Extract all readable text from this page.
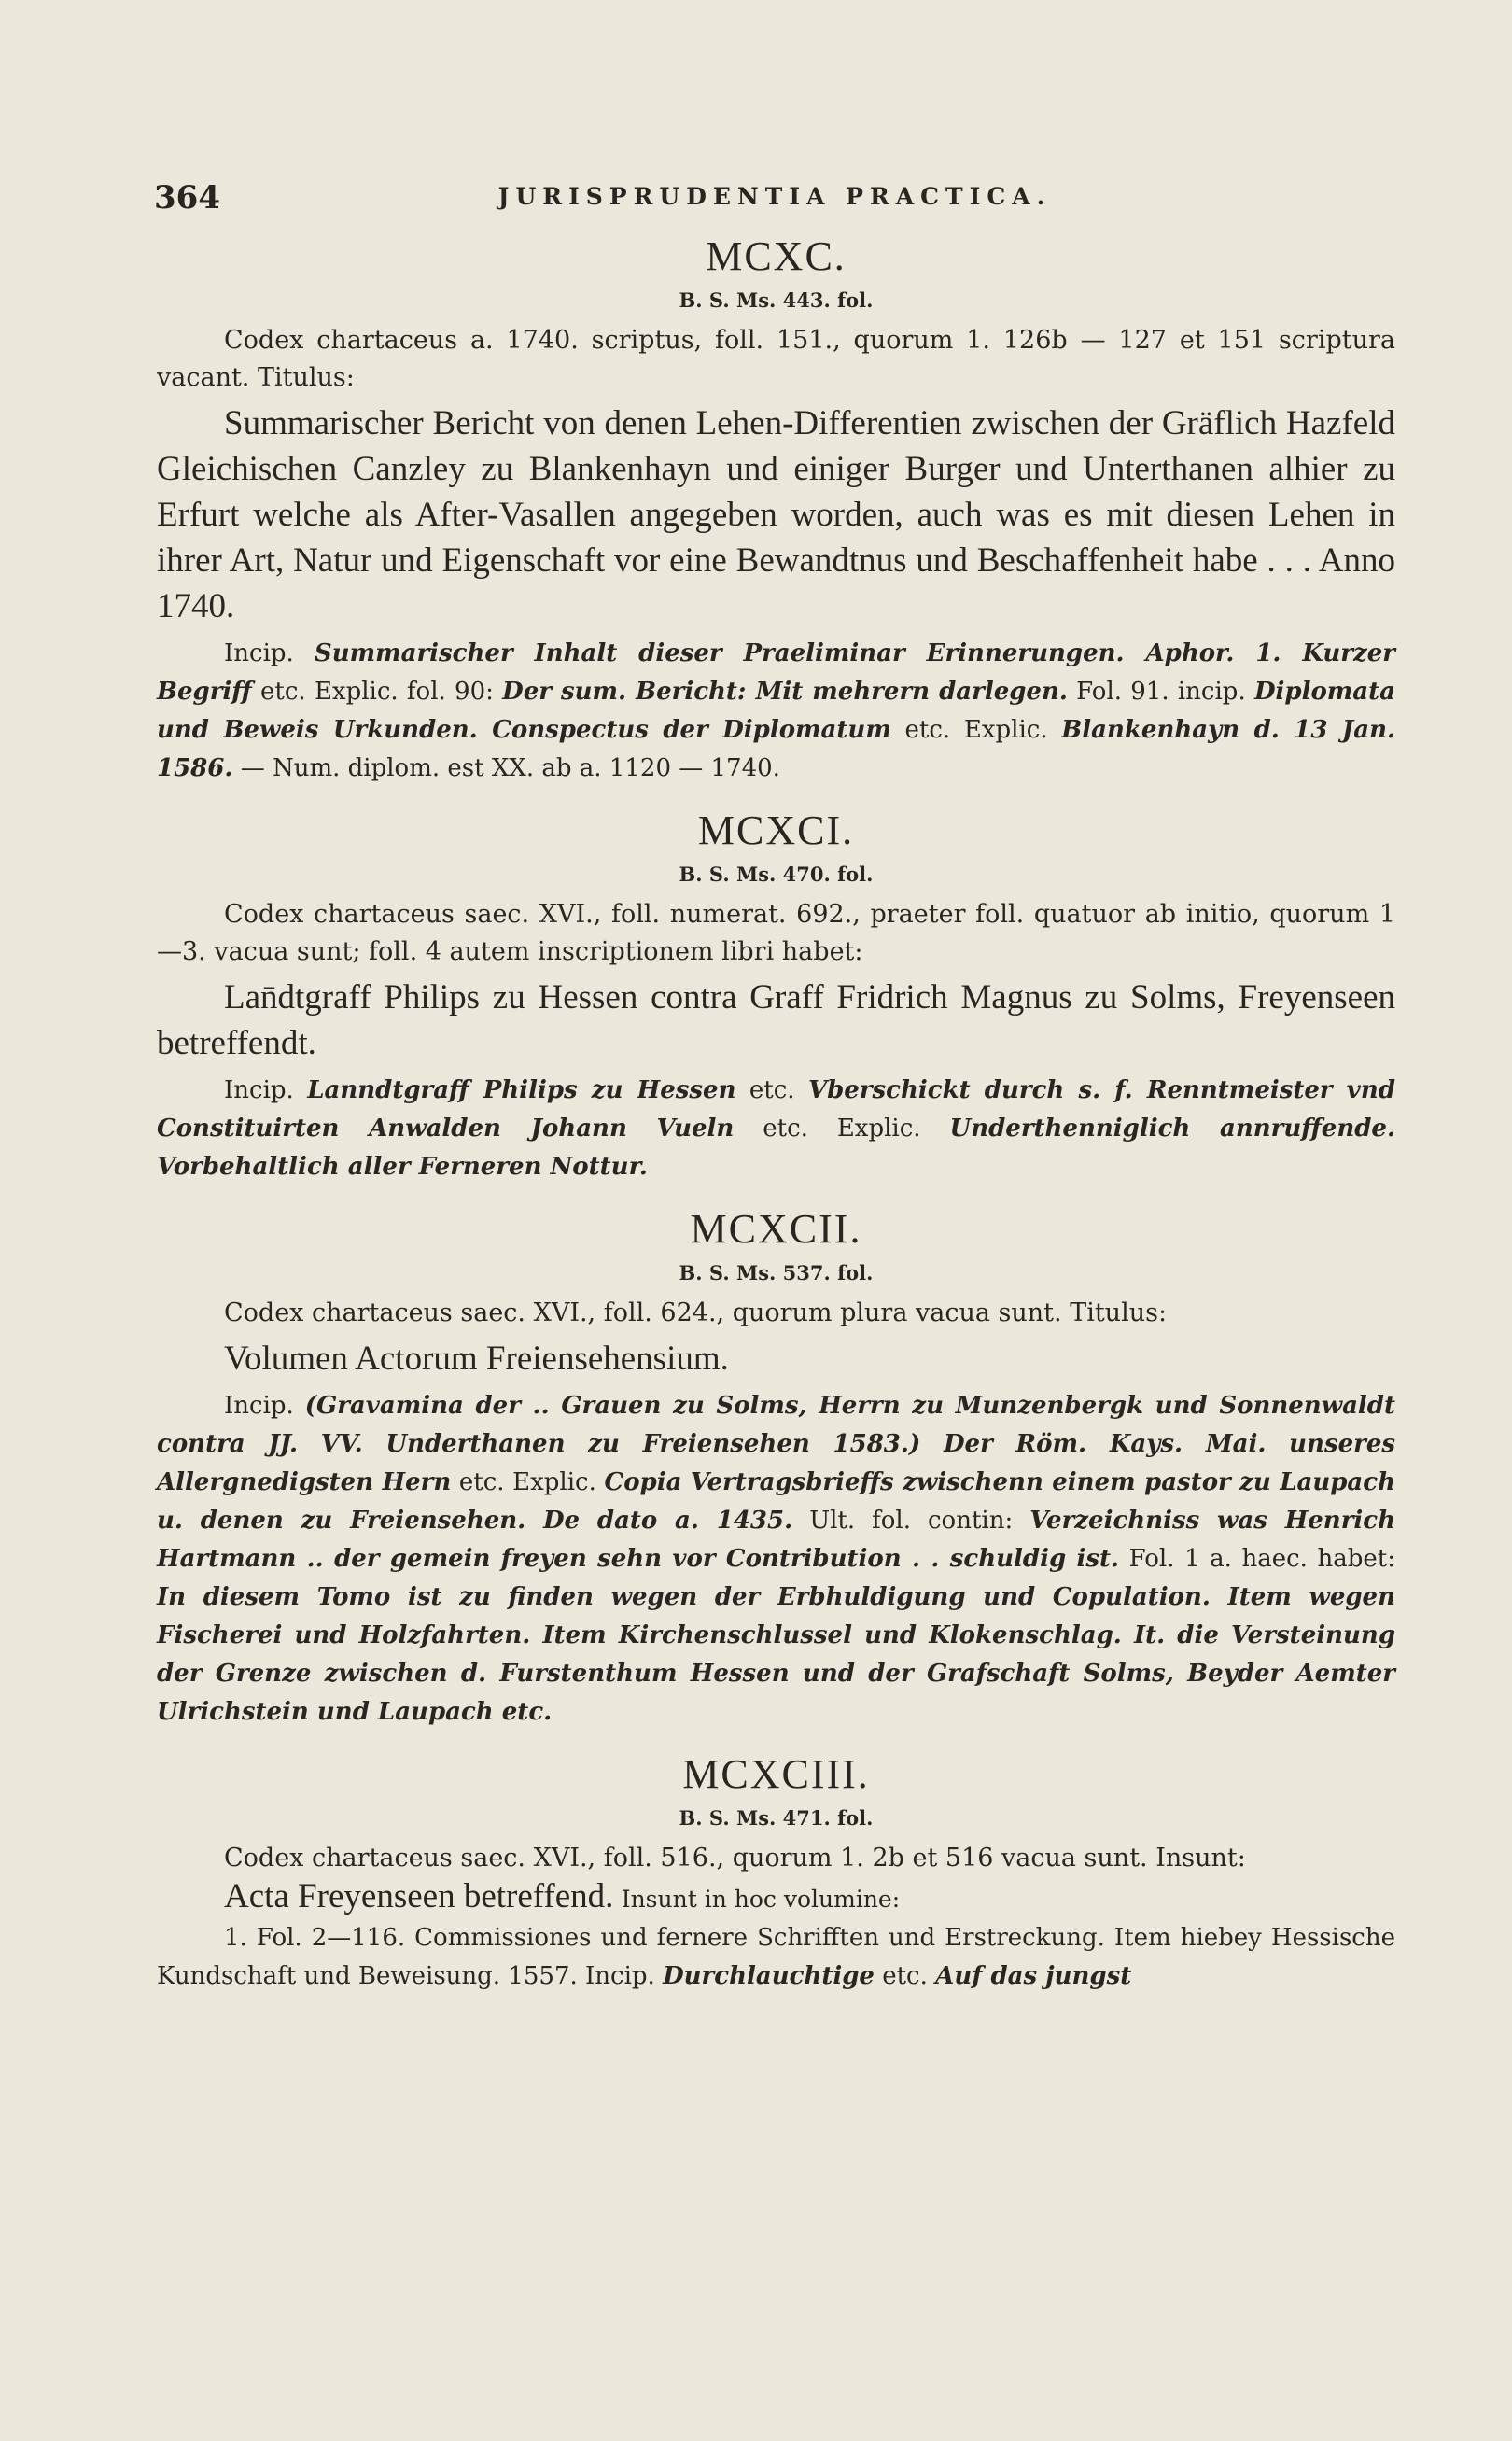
364	JURISPRUDENTIA PRACTICA.

MCXC.

B. S. Ms. 443. fol.

Codex chartaceus a. 1740. scriptus, foll. 151., quorum 1. 126b — 127 et 151 scriptura vacant. Titulus:

Summarischer Bericht von denen Lehen-Differentien zwischen der Gräflich Hazfeld Gleichischen Canzley zu Blankenhayn und einiger Burger und Unterthanen alhier zu Erfurt welche als After-Vasallen angegeben worden, auch was es mit diesen Lehen in ihrer Art, Natur und Eigenschaft vor eine Bewandtnus und Beschaffenheit habe . . . Anno 1740.

Incip. Summarischer Inhalt dieser Praeliminar Erinnerungen. Aphor. 1. Kurzer Begriff etc. Explic. fol. 90: Der sum. Bericht: Mit mehrern darlegen. Fol. 91. incip. Diplomata und Beweis Urkunden. Conspectus der Diplomatum etc. Explic. Blankenhayn d. 13 Jan. 1586. — Num. diplom. est XX. ab a. 1120 — 1740.

MCXCI.

B. S. Ms. 470. fol.

Codex chartaceus saec. XVI., foll. numerat. 692., praeter foll. quatuor ab initio, quorum 1—3. vacua sunt; foll. 4 autem inscriptionem libri habet:

Lan̄dtgraff Philips zu Hessen contra Graff Fridrich Magnus zu Solms, Freyenseen betreffendt.

Incip. Lanndtgraff Philips zu Hessen etc. Vberschickt durch s. f. Renntmeister vnd Constituirten Anwalden Johann Vueln etc. Explic. Underthenniglich annruffende. Vorbehaltlich aller Ferneren Nottur.

MCXCII.

B. S. Ms. 537. fol.

Codex chartaceus saec. XVI., foll. 624., quorum plura vacua sunt. Titulus:

Volumen Actorum Freiensehensium.

Incip. (Gravamina der .. Grauen zu Solms, Herrn zu Munzenbergk und Sonnenwaldt contra JJ. VV. Underthanen zu Freiensehen 1583.) Der Röm. Kays. Mai. unseres Allergnedigsten Hern etc. Explic. Copia Vertragsbrieffs zwischenn einem pastor zu Laupach u. denen zu Freiensehen. De dato a. 1435. Ult. fol. contin: Verzeichniss was Henrich Hartmann .. der gemein freyen sehn vor Contribution . . schuldig ist. Fol. 1 a. haec. habet: In diesem Tomo ist zu finden wegen der Erbhuldigung und Copulation. Item wegen Fischerei und Holzfahrten. Item Kirchenschlussel und Klokenschlag. It. die Versteinung der Grenze zwischen d. Furstenthum Hessen und der Grafschaft Solms, Beyder Aemter Ulrichstein und Laupach etc.

MCXCIII.

B. S. Ms. 471. fol.

Codex chartaceus saec. XVI., foll. 516., quorum 1. 2b et 516 vacua sunt. Insunt:

Acta Freyenseen betreffend. Insunt in hoc volumine:

1. Fol. 2—116. Commissiones und fernere Schrifften und Erstreckung. Item hiebey Hessische Kundschaft und Beweisung. 1557. Incip. Durchlauchtige etc. Auf das jungst
